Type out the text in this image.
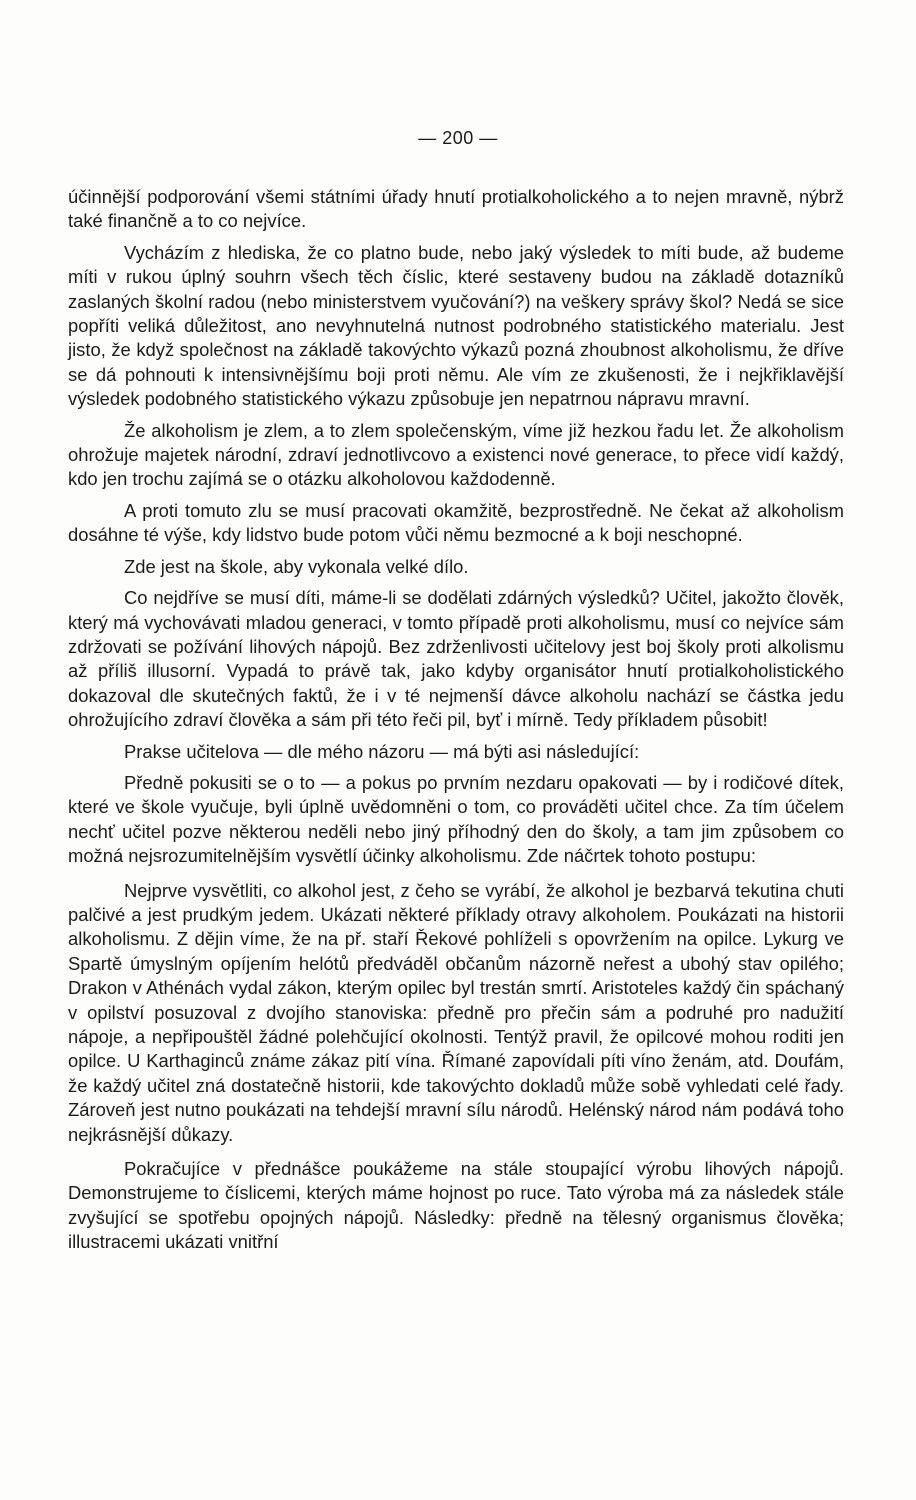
— 200 —

účinnější podporování všemi státními úřady hnutí protialkoholického a to nejen mravně, nýbrž také finančně a to co nejvíce.

Vycházím z hlediska, že co platno bude, nebo jaký výsledek to míti bude, až budeme míti v rukou úplný souhrn všech těch číslic, které sestaveny budou na základě dotazníků zaslaných školní radou (nebo ministerstvem vyučování?) na veškery správy škol? Nedá se sice popříti veliká důležitost, ano nevyhnutelná nutnost podrobného statistického materialu. Jest jisto, že když společnost na základě takovýchto výkazů pozná zhoubnost alkoholismu, že dříve se dá pohnouti k intensivnějšímu boji proti němu. Ale vím ze zkušenosti, že i nejkřiklavější výsledek podobného statistického výkazu způsobuje jen nepatrnou nápravu mravní.

Že alkoholism je zlem, a to zlem společenským, víme již hezkou řadu let. Že alkoholism ohrožuje majetek národní, zdraví jednotlivcovo a existenci nové generace, to přece vidí každý, kdo jen trochu zajímá se o otázku alkoholovou každodenně.

A proti tomuto zlu se musí pracovati okamžitě, bezprostředně. Ne čekat až alkoholism dosáhne té výše, kdy lidstvo bude potom vůči němu bezmocné a k boji neschopné.

Zde jest na škole, aby vykonala velké dílo.

Co nejdříve se musí díti, máme-li se dodělati zdárných výsledků? Učitel, jakožto člověk, který má vychovávati mladou generaci, v tomto případě proti alkoholismu, musí co nejvíce sám zdržovati se požívání lihových nápojů. Bez zdrženlivosti učitelovy jest boj školy proti alkolismu až příliš illusorní. Vypadá to právě tak, jako kdyby organisátor hnutí protialkoholistického dokazoval dle skutečných faktů, že i v té nejmenší dávce alkoholu nachází se částka jedu ohrožujícího zdraví člověka a sám při této řeči pil, byť i mírně. Tedy příkladem působit!

Prakse učitelova — dle mého názoru — má býti asi následující:

Předně pokusiti se o to — a pokus po prvním nezdaru opakovati — by i rodičové dítek, které ve škole vyučuje, byli úplně uvědomněni o tom, co prováděti učitel chce. Za tím účelem nechť učitel pozve některou neděli nebo jiný příhodný den do školy, a tam jim způsobem co možná nejsrozumitelnějším vysvětlí účinky alkoholismu. Zde náčrtek tohoto postupu:

Nejprve vysvětliti, co alkohol jest, z čeho se vyrábí, že alkohol je bezbarvá tekutina chuti palčivé a jest prudkým jedem. Ukázati některé příklady otravy alkoholem. Poukázati na historii alkoholismu. Z dějin víme, že na př. staří Řekové pohlíželi s opovržením na opilce. Lykurg ve Spartě úmyslným opíjením helótů předváděl občanům názorně neřest a ubohý stav opilého; Drakon v Athénách vydal zákon, kterým opilec byl trestán smrtí. Aristoteles každý čin spáchaný v opilství posuzoval z dvojího stanoviska: předně pro přečin sám a podruhé pro nadužití nápoje, a nepřipouštěl žádné polehčující okolnosti. Tentýž pravil, že opilcové mohou roditi jen opilce. U Karthaginců známe zákaz pití vína. Římané zapovídali píti víno ženám, atd. Doufám, že každý učitel zná dostatečně historii, kde takovýchto dokladů může sobě vyhledati celé řady. Zároveň jest nutno poukázati na tehdejší mravní sílu národů. Helénský národ nám podává toho nejkrásnější důkazy.

Pokračujíce v přednášce poukážeme na stále stoupající výrobu lihových nápojů. Demonstrujeme to číslicemi, kterých máme hojnost po ruce. Tato výroba má za následek stále zvyšující se spotřebu opojných nápojů. Následky: předně na tělesný organismus člověka; illustracemi ukázati vnitřní
